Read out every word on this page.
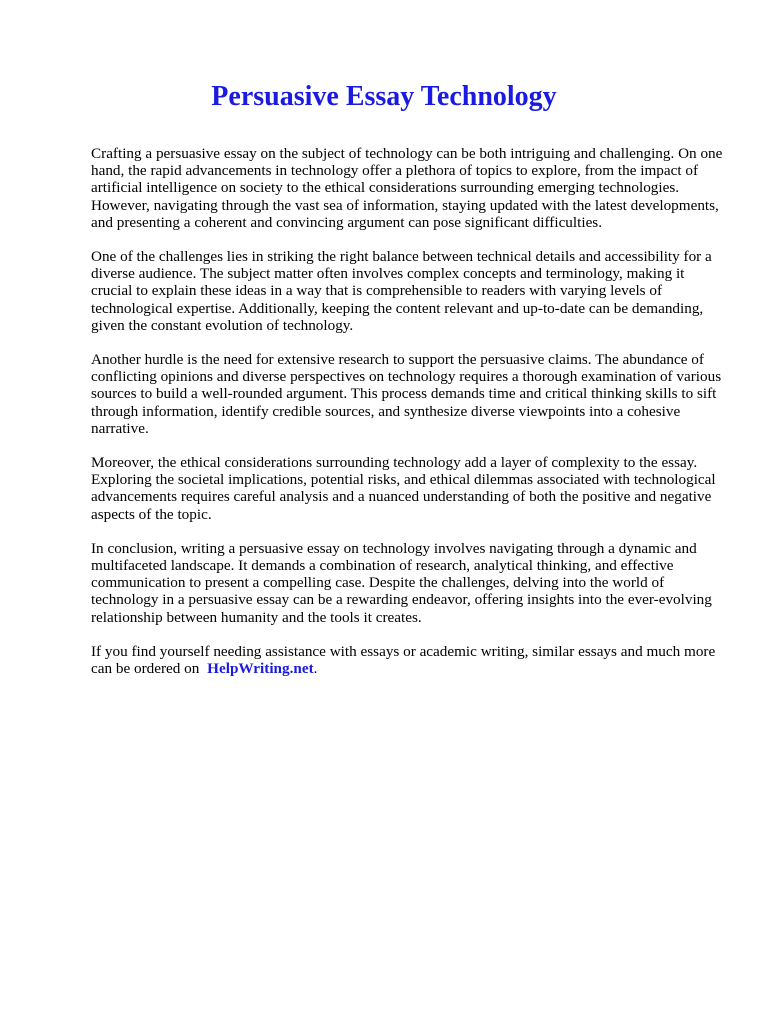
Persuasive Essay Technology

Crafting a persuasive essay on the subject of technology can be both intriguing and challenging. On one hand, the rapid advancements in technology offer a plethora of topics to explore, from the impact of artificial intelligence on society to the ethical considerations surrounding emerging technologies. However, navigating through the vast sea of information, staying updated with the latest developments, and presenting a coherent and convincing argument can pose significant difficulties.

One of the challenges lies in striking the right balance between technical details and accessibility for a diverse audience. The subject matter often involves complex concepts and terminology, making it crucial to explain these ideas in a way that is comprehensible to readers with varying levels of technological expertise. Additionally, keeping the content relevant and up-to-date can be demanding, given the constant evolution of technology.

Another hurdle is the need for extensive research to support the persuasive claims. The abundance of conflicting opinions and diverse perspectives on technology requires a thorough examination of various sources to build a well-rounded argument. This process demands time and critical thinking skills to sift through information, identify credible sources, and synthesize diverse viewpoints into a cohesive narrative.

Moreover, the ethical considerations surrounding technology add a layer of complexity to the essay. Exploring the societal implications, potential risks, and ethical dilemmas associated with technological advancements requires careful analysis and a nuanced understanding of both the positive and negative aspects of the topic.

In conclusion, writing a persuasive essay on technology involves navigating through a dynamic and multifaceted landscape. It demands a combination of research, analytical thinking, and effective communication to present a compelling case. Despite the challenges, delving into the world of technology in a persuasive essay can be a rewarding endeavor, offering insights into the ever-evolving relationship between humanity and the tools it creates.

If you find yourself needing assistance with essays or academic writing, similar essays and much more can be ordered on HelpWriting.net.
